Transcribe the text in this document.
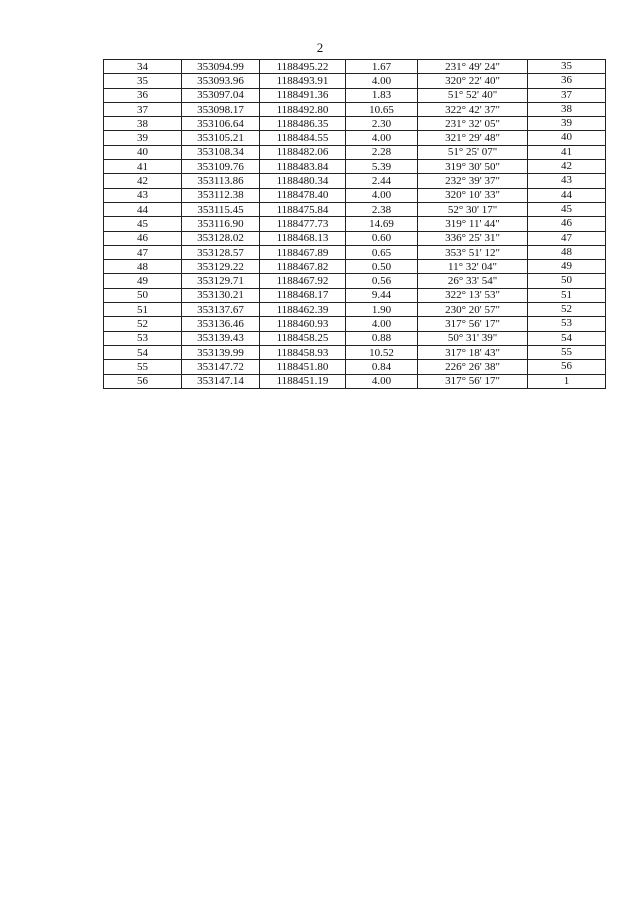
2
34	353094.99	1188495.22	1.67	231° 49' 24"	35
35	353093.96	1188493.91	4.00	320° 22' 40"	36
36	353097.04	1188491.36	1.83	51° 52' 40"	37
37	353098.17	1188492.80	10.65	322° 42' 37"	38
38	353106.64	1188486.35	2.30	231° 32' 05"	39
39	353105.21	1188484.55	4.00	321° 29' 48"	40
40	353108.34	1188482.06	2.28	51° 25' 07"	41
41	353109.76	1188483.84	5.39	319° 30' 50"	42
42	353113.86	1188480.34	2.44	232° 39' 37"	43
43	353112.38	1188478.40	4.00	320° 10' 33"	44
44	353115.45	1188475.84	2.38	52° 30' 17"	45
45	353116.90	1188477.73	14.69	319° 11' 44"	46
46	353128.02	1188468.13	0.60	336° 25' 31"	47
47	353128.57	1188467.89	0.65	353° 51' 12"	48
48	353129.22	1188467.82	0.50	11° 32' 04"	49
49	353129.71	1188467.92	0.56	26° 33' 54"	50
50	353130.21	1188468.17	9.44	322° 13' 53"	51
51	353137.67	1188462.39	1.90	230° 20' 57"	52
52	353136.46	1188460.93	4.00	317° 56' 17"	53
53	353139.43	1188458.25	0.88	50° 31' 39"	54
54	353139.99	1188458.93	10.52	317° 18' 43"	55
55	353147.72	1188451.80	0.84	226° 26' 38"	56
56	353147.14	1188451.19	4.00	317° 56' 17"	1
